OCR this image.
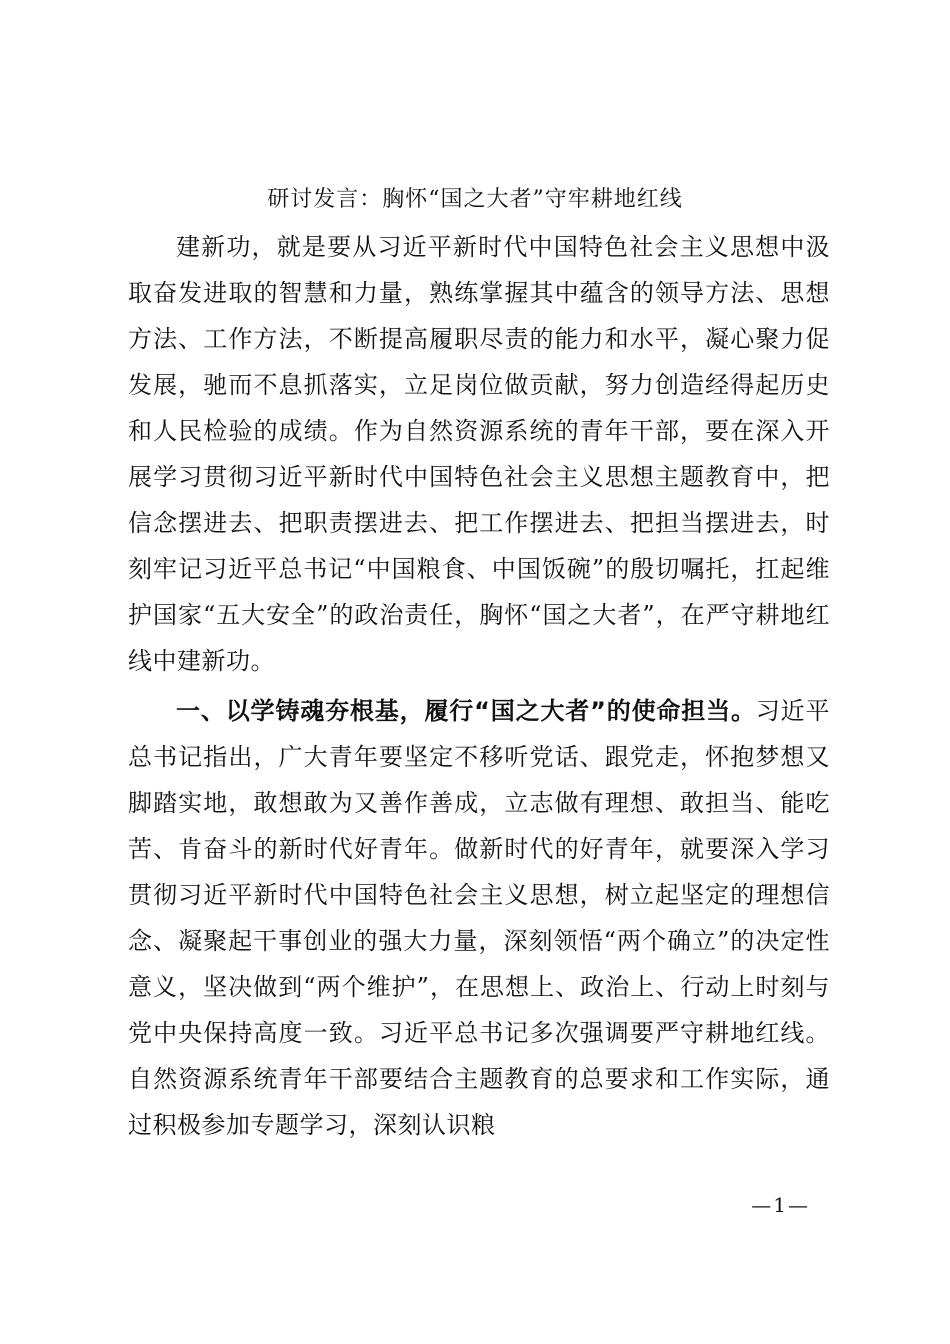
研讨发言：胸怀“国之大者”守牢耕地红线

建新功，就是要从习近平新时代中国特色社会主义思想中汲取奋发进取的智慧和力量，熟练掌握其中蕴含的领导方法、思想方法、工作方法，不断提高履职尽责的能力和水平，凝心聚力促发展，驰而不息抓落实，立足岗位做贡献，努力创造经得起历史和人民检验的成绩。作为自然资源系统的青年干部，要在深入开展学习贯彻习近平新时代中国特色社会主义思想主题教育中，把信念摆进去、把职责摆进去、把工作摆进去、把担当摆进去，时刻牢记习近平总书记“中国粮食、中国饭碗”的殷切嘱托，扛起维护国家“五大安全”的政治责任，胸怀“国之大者”，在严守耕地红线中建新功。

一、以学铸魂夯根基，履行“国之大者”的使命担当。习近平总书记指出，广大青年要坚定不移听党话、跟党走，怀抱梦想又脚踏实地，敢想敢为又善作善成，立志做有理想、敢担当、能吃苦、肯奋斗的新时代好青年。做新时代的好青年，就要深入学习贯彻习近平新时代中国特色社会主义思想，树立起坚定的理想信念、凝聚起干事创业的强大力量，深刻领悟“两个确立”的决定性意义，坚决做到“两个维护”，在思想上、政治上、行动上时刻与党中央保持高度一致。习近平总书记多次强调要严守耕地红线。自然资源系统青年干部要结合主题教育的总要求和工作实际，通过积极参加专题学习，深刻认识粮

—1—
